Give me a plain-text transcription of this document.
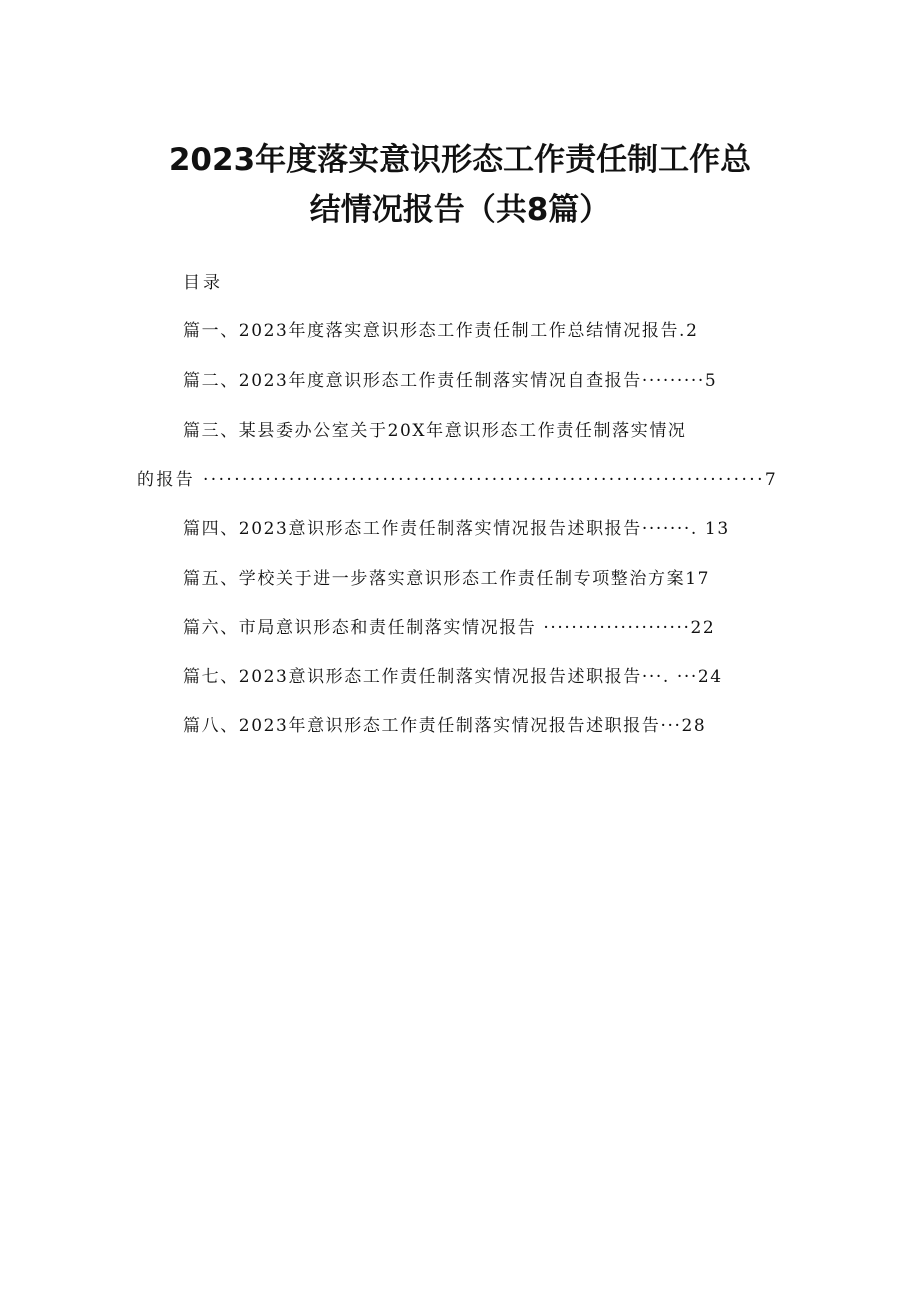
2023年度落实意识形态工作责任制工作总
结情况报告（共8篇）
目录
篇一、2023年度落实意识形态工作责任制工作总结情况报告.2
篇二、2023年度意识形态工作责任制落实情况自查报告·········5
篇三、某县委办公室关于20X年意识形态工作责任制落实情况
的报告 ········································································7
篇四、2023意识形态工作责任制落实情况报告述职报告·······. 13
篇五、学校关于进一步落实意识形态工作责任制专项整治方案17
篇六、市局意识形态和责任制落实情况报告 ·····················22
篇七、2023意识形态工作责任制落实情况报告述职报告···. ···24
篇八、2023年意识形态工作责任制落实情况报告述职报告···28
